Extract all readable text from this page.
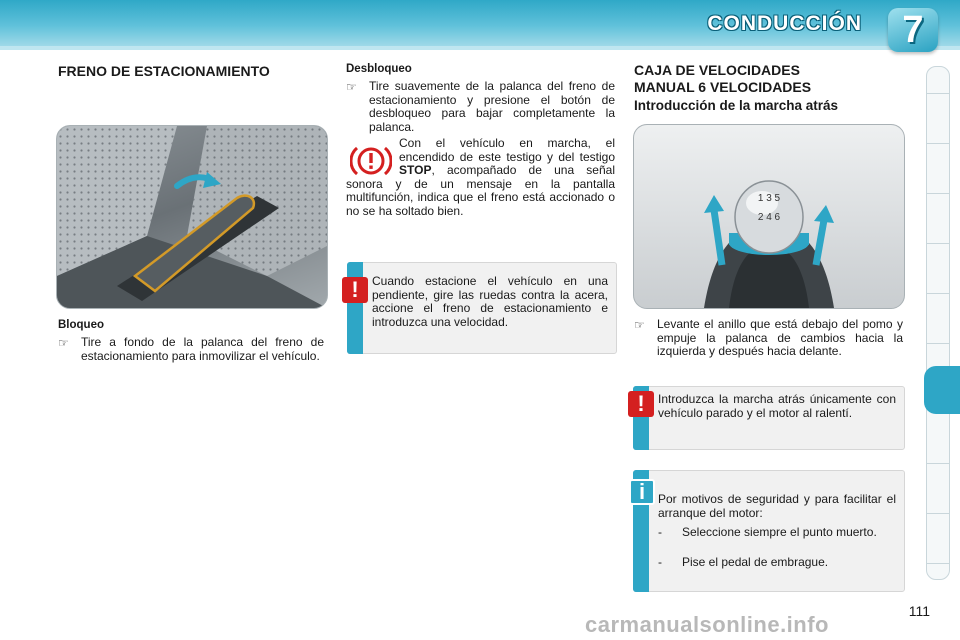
CONDUCCIÓN	7
FRENO DE ESTACIONAMIENTO
Bloqueo
☞ Tire a fondo de la palanca del freno de estacionamiento para inmovilizar el vehículo.
Desbloqueo
☞ Tire suavemente de la palanca del freno de estacionamiento y presione el botón de desbloqueo para bajar completamente la palanca.
Con el vehículo en marcha, el encendido de este testigo y del testigo STOP, acompañado de una señal sonora y de un mensaje en la pantalla multifunción, indica que el freno está accionado o no se ha soltado bien.
!	Cuando estacione el vehículo en una pendiente, gire las ruedas contra la acera, accione el freno de estacionamiento e introduzca una velocidad.
CAJA DE VELOCIDADES
MANUAL 6 VELOCIDADES
Introducción de la marcha atrás
1 3 5
2 4 6
☞ Levante el anillo que está debajo del pomo y empuje la palanca de cambios hacia la izquierda y después hacia delante.
!	Introduzca la marcha atrás únicamente con vehículo parado y el motor al ralentí.
i	Por motivos de seguridad y para facilitar el arranque del motor:
-	Seleccione siempre el punto muerto.
-	Pise el pedal de embrague.
111
carmanualsonline.info
